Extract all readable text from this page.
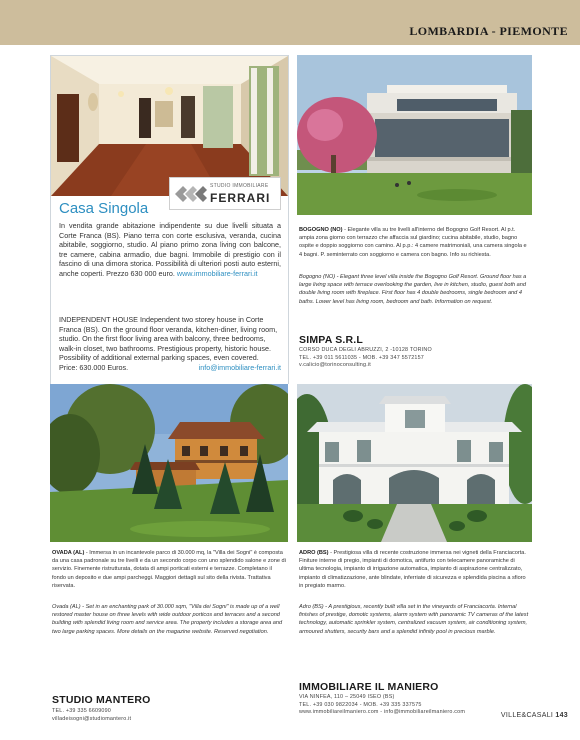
LOMBARDIA - PIEMONTE
STUDIO IMMOBILIARE
FERRARI
Casa Singola
In vendita grande abitazione indipendente su due livelli situata a Corte Franca (BS). Piano terra con corte esclusiva, veranda, cucina abitabile, soggiorno, studio. Al piano primo zona living con balcone, tre camere, cabina armadio, due bagni. Immobile di prestigio con il fascino di una dimora storica. Possibilità di ulteriori posti auto esterni, anche coperti. Prezzo 630 000 euro. www.immobiliare-ferrari.it
INDEPENDENT HOUSE Independent two storey house in Corte Franca (BS). On the ground floor veranda, kitchen-diner, living room, studio. On the first floor living area with balcony, three bedrooms, walk-in closet, two bathrooms. Prestigious property, historic house. Possibility of additional external parking spaces, even covered.
Price: 630.000 Euros.	info@immobiliare-ferrari.it
BOGOGNO (NO) - Elegante villa su tre livelli all'interno del Bogogno Golf Resort. Al p.t. ampia zona giorno con terrazzo che affaccia sul giardino; cucina abitabile, studio, bagno ospite e doppio soggiorno con camino. Al p.p.: 4 camere matrimoniali, una camera singola e 4 bagni. P. seminterrato con soggiorno e camera con bagno. Info su richiesta.
Bogogno (NO) - Elegant three level villa inside the Bogogno Golf Resort. Ground floor has a large living space with terrace overlooking the garden, live in kitchen, studio, guest both and double living room with fireplace. First floor has 4 double bedrooms, single bedroom and 4 baths. Lower level has living room, bedroom and bath. Information on request.
SIMPA S.R.L
CORSO DUCA DEGLI ABRUZZI, 2 -10128 TORINO
TEL. +39 011 5611035 - MOB. +39 347 5572157
v.calicio@torinoconsulting.it
OVADA (AL) - Immersa in un incantevole parco di 30.000 mq, la "Villa dei Sogni" è composta da una casa padronale su tre livelli e da un secondo corpo con uno splendido salone e zone di servizio. Finemente ristrutturata, dotata di ampi porticati esterni e terrazze. Completano il fondo un deposito e due ampi parcheggi. Maggiori dettagli sul sito della rivista. Trattativa riservata.
Ovada (AL) - Set in an enchanting park of 30.000 sqm, "Villa dei Sogni" is made up of a well restored master house on three levels with wide outdoor porticos and terraces and a second building with splendid living room and service area. The property includes a storage area and two large parking spaces. More details on the magazine website. Reserved negotiation.
STUDIO MANTERO
TEL. +39 335 6609090
villadeisogni@studiomantero.it
ADRO (BS) - Prestigiosa villa di recente costruzione immersa nei vigneti della Franciacorta. Finiture interne di pregio, impianti di domotica, antifurto con telecamere panoramiche di ultima tecnologia, impianto di irrigazione automatica, impianto di aspirazione centralizzato, impianto di climatizzazione, ante blindate, inferriate di sicurezza e splendida piscina a sfioro in pregiato marmo.
Adro (BS) - A prestigious, recently built villa set in the vineyards of Franciacorta. Internal finishes of prestige, domotic systems, alarm system with panoramic TV cameras of the latest technology, automatic sprinkler system, centralized vacuum system, air conditioning system, armoured shutters, security bars and a splendid infinity pool in precious marble.
IMMOBILIARE IL MANIERO
VIA NINFEA, 110 – 25049 ISEO (BS)
TEL. +39 030 9822034 - MOB. +39 335 337575
www.immobiliareilmaniero.com - info@immobiliareilmaniero.com	VILLE&CASALI 143
